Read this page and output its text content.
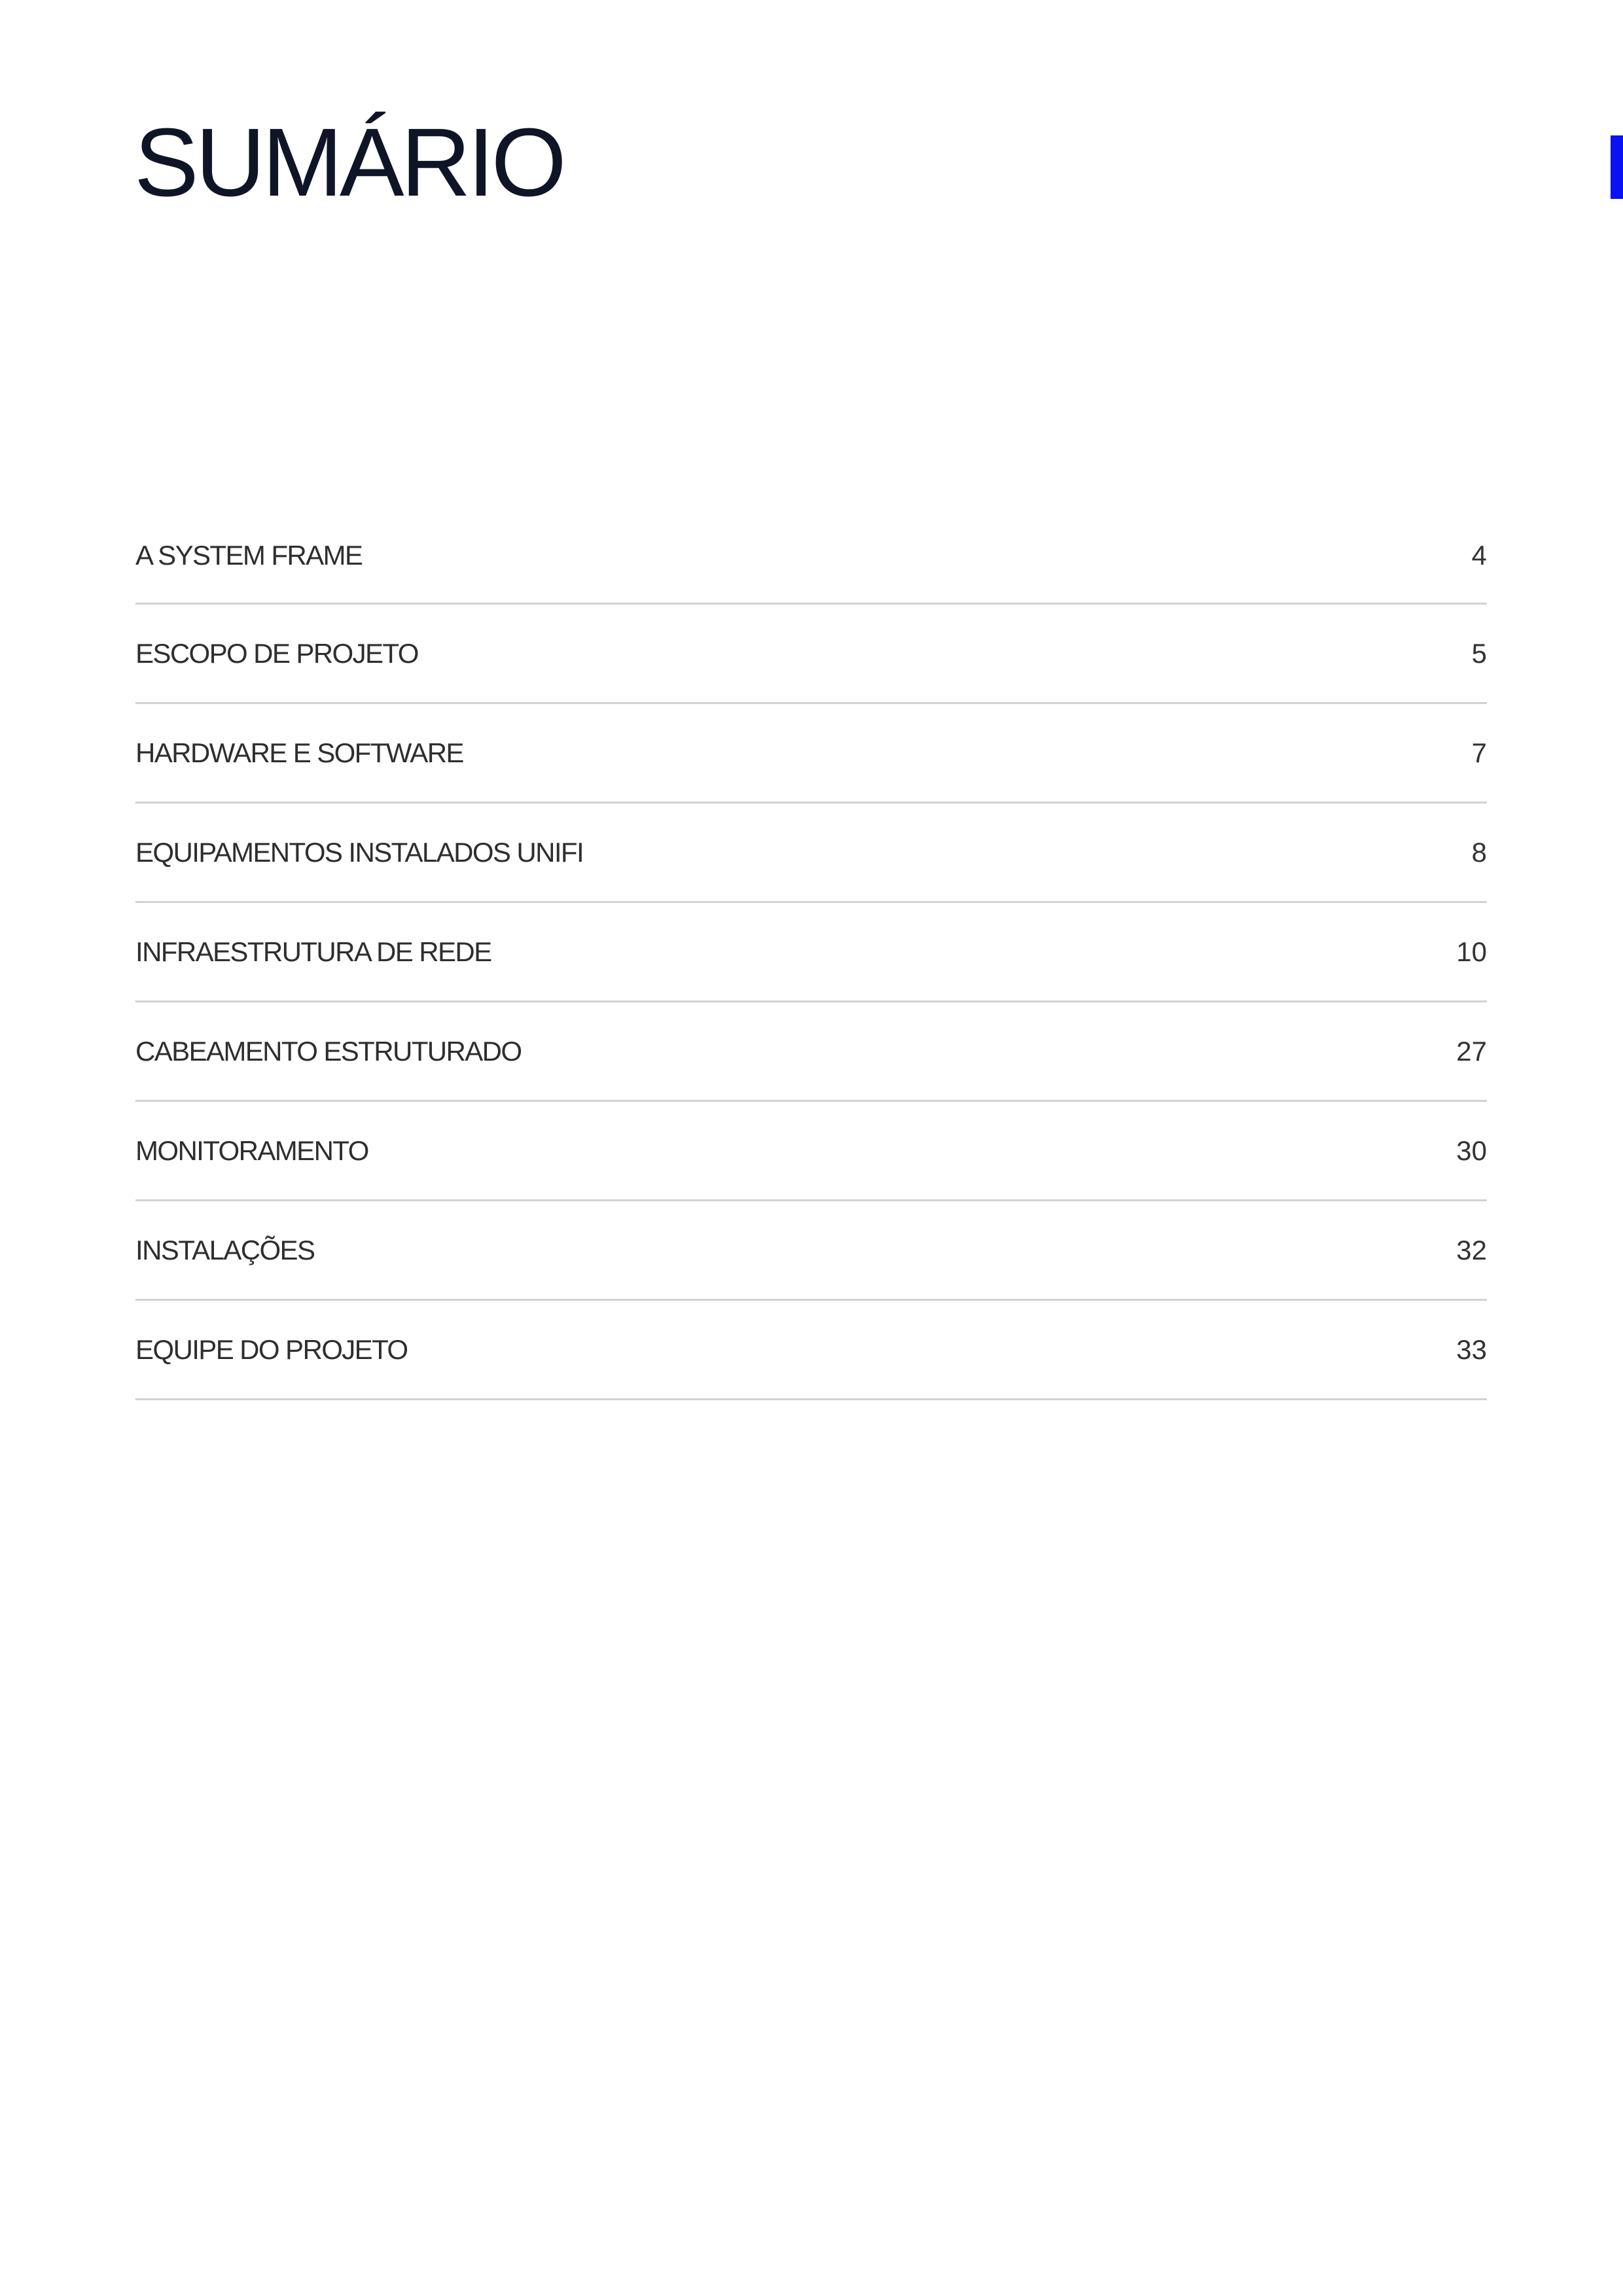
SUMÁRIO
A SYSTEM FRAME	4
ESCOPO DE PROJETO	5
HARDWARE E SOFTWARE	7
EQUIPAMENTOS INSTALADOS UNIFI	8
INFRAESTRUTURA DE REDE	10
CABEAMENTO ESTRUTURADO	27
MONITORAMENTO	30
INSTALAÇÕES	32
EQUIPE DO PROJETO	33
